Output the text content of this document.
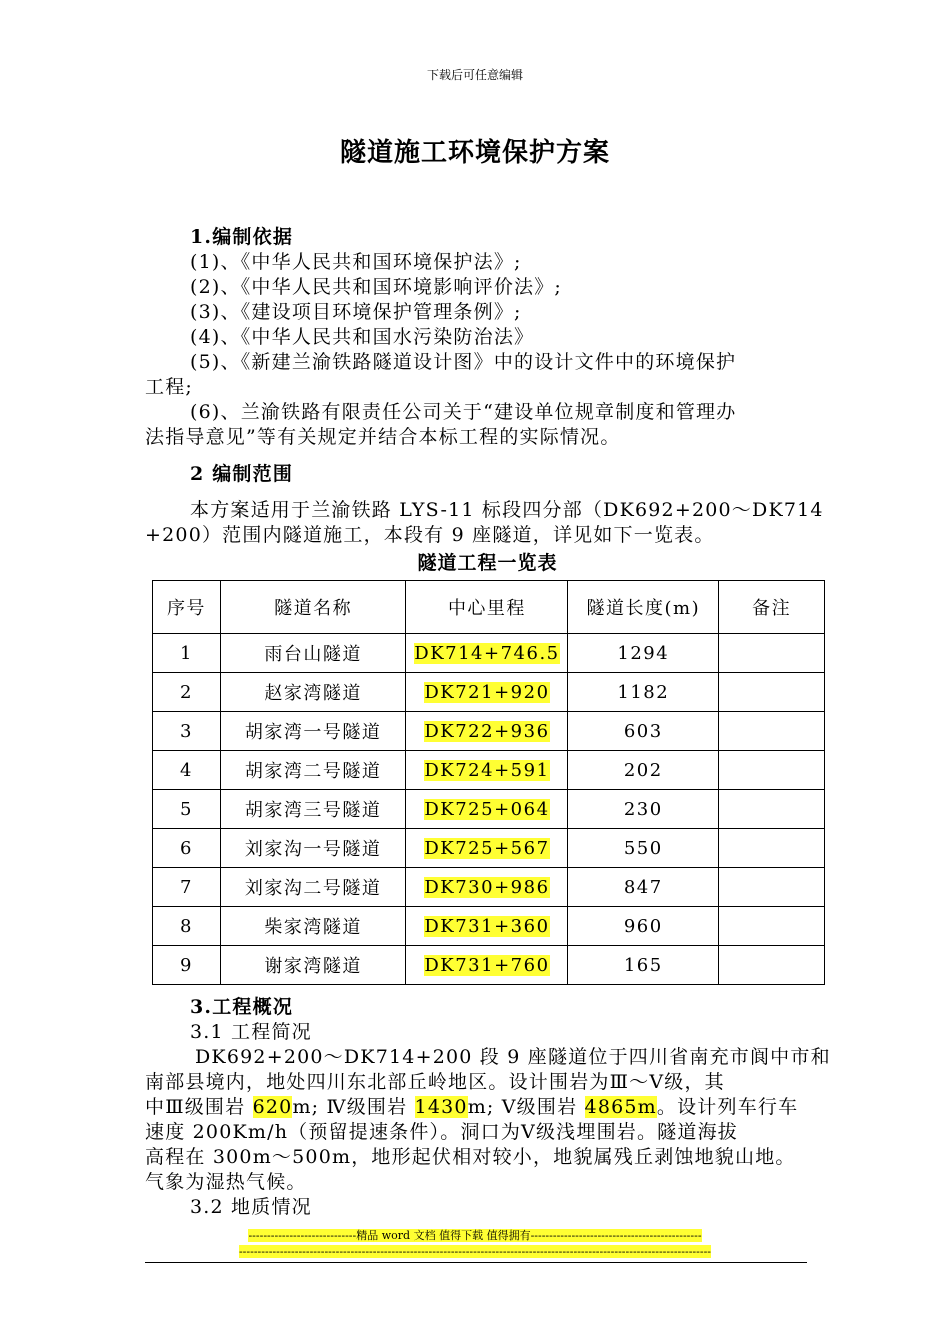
下载后可任意编辑
隧道施工环境保护方案
1.编制依据
(1)、《中华人民共和国环境保护法》;
(2)、《中华人民共和国环境影响评价法》;
(3)、《建设项目环境保护管理条例》;
(4)、《中华人民共和国水污染防治法》
(5)、《新建兰渝铁路隧道设计图》中的设计文件中的环境保护
工程;
(6)、兰渝铁路有限责任公司关于“建设单位规章制度和管理办
法指导意见”等有关规定并结合本标工程的实际情况。
2 编制范围
本方案适用于兰渝铁路 LYS-11 标段四分部（DK692+200～DK714
+200）范围内隧道施工，本段有 9 座隧道，详见如下一览表。
隧道工程一览表
序号	隧道名称	中心里程	隧道长度(m)	备注
1	雨台山隧道	DK714+746.5	1294	
2	赵家湾隧道	DK721+920	1182	
3	胡家湾一号隧道	DK722+936	603	
4	胡家湾二号隧道	DK724+591	202	
5	胡家湾三号隧道	DK725+064	230	
6	刘家沟一号隧道	DK725+567	550	
7	刘家沟二号隧道	DK730+986	847	
8	柴家湾隧道	DK731+360	960	
9	谢家湾隧道	DK731+760	165	
3.工程概况
3.1 工程简况
DK692+200～DK714+200 段 9 座隧道位于四川省南充市阆中市和
南部县境内，地处四川东北部丘岭地区。设计围岩为Ⅲ～Ⅴ级，其
中Ⅲ级围岩 620m; Ⅳ级围岩 1430m; Ⅴ级围岩 4865m。设计列车行车
速度 200Km/h（预留提速条件）。洞口为Ⅴ级浅埋围岩。隧道海拔
高程在 300m～500m，地形起伏相对较小，地貌属残丘剥蚀地貌山地。
气象为湿热气候。
3.2 地质情况
-----------------------------精品 word 文档 值得下载 值得拥有----------------------------------------------
-------------------------------------------------------------------------------------------------------------------------------
